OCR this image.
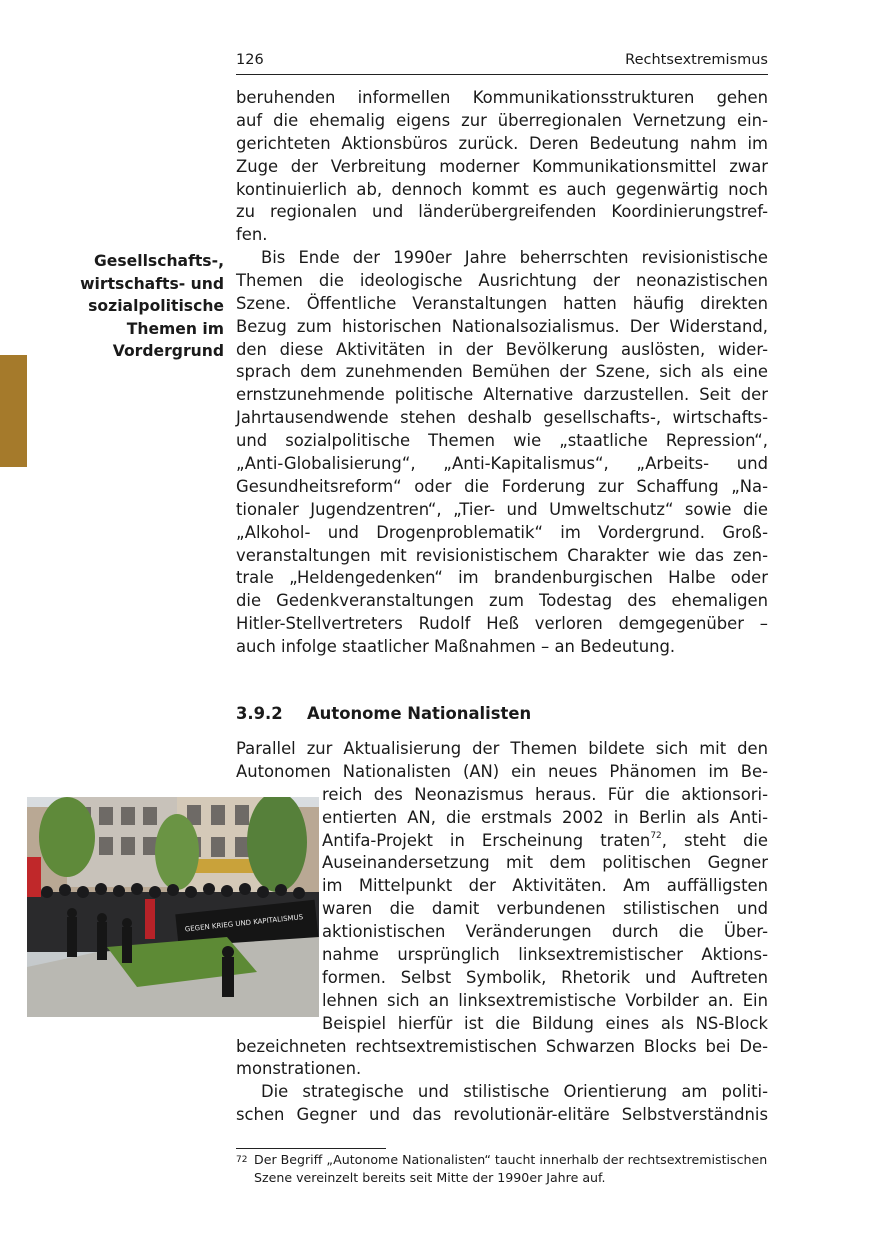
126	Rechtsextremismus
Gesellschafts-,
wirtschafts- und
sozialpolitische
Themen im
Vordergrund
beruhenden informellen Kommunikationsstrukturen gehen
auf die ehemalig eigens zur überregionalen Vernetzung ein-
gerichteten Aktionsbüros zurück. Deren Bedeutung nahm im
Zuge der Verbreitung moderner Kommunikationsmittel zwar
kontinuierlich ab, dennoch kommt es auch gegenwärtig noch
zu regionalen und länderübergreifenden Koordinierungstref-
fen.
Bis Ende der 1990er Jahre beherrschten revisionistische
Themen die ideologische Ausrichtung der neonazistischen
Szene. Öffentliche Veranstaltungen hatten häufig direkten
Bezug zum historischen Nationalsozialismus. Der Widerstand,
den diese Aktivitäten in der Bevölkerung auslösten, wider-
sprach dem zunehmenden Bemühen der Szene, sich als eine
ernstzunehmende politische Alternative darzustellen. Seit der
Jahrtausendwende stehen deshalb gesellschafts-, wirtschafts-
und sozialpolitische Themen wie „staatliche Repression“,
„Anti-Globalisierung“, „Anti-Kapitalismus“, „Arbeits- und
Gesundheitsreform“ oder die Forderung zur Schaffung „Na-
tionaler Jugendzentren“, „Tier- und Umweltschutz“ sowie die
„Alkohol- und Drogenproblematik“ im Vordergrund. Groß-
veranstaltungen mit revisionistischem Charakter wie das zen-
trale „Heldengedenken“ im brandenburgischen Halbe oder
die Gedenkveranstaltungen zum Todestag des ehemaligen
Hitler-Stellvertreters Rudolf Heß verloren demgegenüber –
auch infolge staatlicher Maßnahmen – an Bedeutung.
3.9.2 Autonome Nationalisten
Parallel zur Aktualisierung der Themen bildete sich mit den
Autonomen Nationalisten (AN) ein neues Phänomen im Be-
reich des Neonazismus heraus. Für die aktionsori-
entierten AN, die erstmals 2002 in Berlin als Anti-
Antifa-Projekt in Erscheinung traten$^{72}$, steht die
Auseinandersetzung mit dem politischen Gegner
im Mittelpunkt der Aktivitäten. Am auffälligsten
waren die damit verbundenen stilistischen und
aktionistischen Veränderungen durch die Über-
nahme ursprünglich linksextremistischer Aktions-
formen. Selbst Symbolik, Rhetorik und Auftreten
lehnen sich an linksextremistische Vorbilder an. Ein
Beispiel hierfür ist die Bildung eines als NS-Block
bezeichneten rechtsextremistischen Schwarzen Blocks bei De-
monstrationen.
Die strategische und stilistische Orientierung am politi-
schen Gegner und das revolutionär-elitäre Selbstverständnis
GEGEN KRIEG UND KAPITALISMUS
72 Der Begriff „Autonome Nationalisten“ taucht innerhalb der rechtsextremistischen
Szene vereinzelt bereits seit Mitte der 1990er Jahre auf.
